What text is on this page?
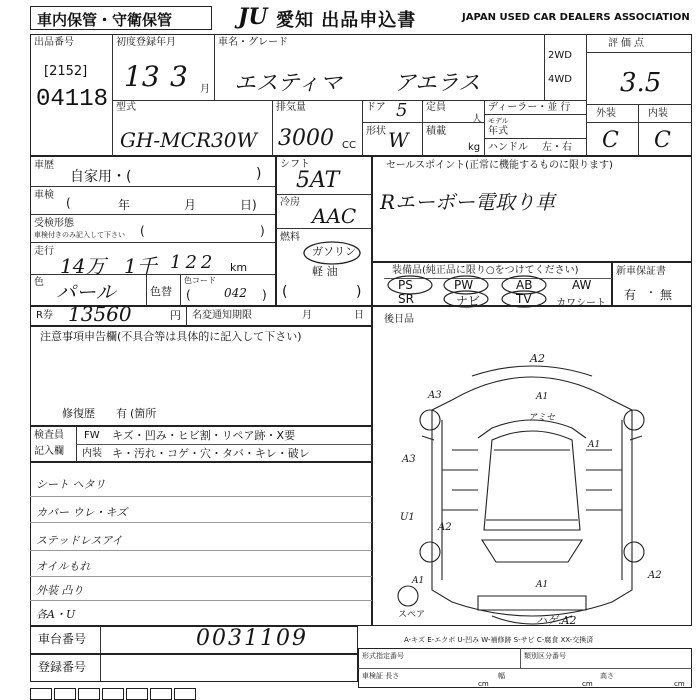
車内保管・守衛保管	JU 愛知 出品申込書	JAPAN USED CAR DEALERS ASSOCIATION
出品番号
[2152]
04118
初度登録年月
13 3 月
車名・グレード
エスティマ アエラス
2WD
4WD
評価点
3.5
外装	内装
C C
型式
GH-MCR30W
排気量
3000 CC
ドア 5
形状 W
定員
人
積載
kg
ディーラー・並 行
モデル
年式
ハンドル 左・右
車歴
自家用・(	)
車検
(	年	月	日)
受検形態
車検付きのみ記入して下さい (	)
走行
14万 1千 122 km
色 パール	色替
色コード
(	042 )
シフト
5AT
冷房
AAC
燃料
ガソリン
軽 油
(	)
セールスポイント(正常に機能するものに限ります)
Rエーボー電取り車
装備品(純正品に限り○をつけてください)
PS	PW	AB	AW
SR	ナビ	TV カワシート
新車保証書
有 ・ 無
R券 13560	円 名変通知期限	月	日
注意事項申告欄(不具合等は具体的に記入して下さい)
修復歴 有 (箇所
後日品
A2
A1
A3
A3
アミセ
A1
U1
A2
A1	A1
A2
スペア	ハゲ.A2
検査員
記入欄
FW キズ・凹み・ヒビ割・リペア跡・X要
内装 キ・汚れ・コゲ・穴・タバ・キレ・破レ
シート ヘタリ
カバー ウレ・キズ
ステッドレスアイ
オイルもれ
外装 凸り
各A・U
車台番号	0031109
登録番号
A-キズ E-エクボ U-凹み W-補修跡 S-サビ C-腐食 XX-交換済
形式指定番号	類別区分番号
車検証 長さ
cm
幅
cm
高さ
cm
